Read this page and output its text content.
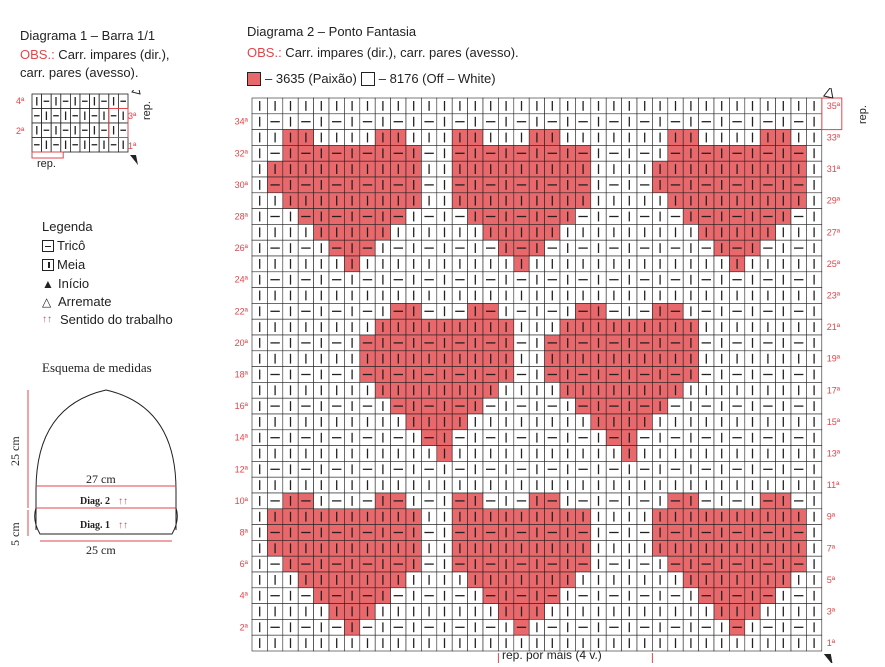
Diagrama 1 – Barra 1/1
OBS.: Carr. impares (dir.),
carr. pares (avesso).
4ª
2ª
3ª
1ª
rep.
rep.
Legenda
Tricô
Meia
▲ Início
△ Arremate
↑↑ Sentido do trabalho
Esquema de medidas
25 cm
5 cm
27 cm
Diag. 2 ↑↑
Diag. 1 ↑↑
25 cm
Diagrama 2 – Ponto Fantasia
OBS.: Carr. impares (dir.), carr. pares (avesso).
– 3635 (Paixão) – 8176 (Off – White)
34ª
32ª
30ª
28ª
26ª
24ª
22ª
20ª
18ª
16ª
14ª
12ª
10ª
8ª
6ª
4ª
2ª
35ª
33ª
31ª
29ª
27ª
25ª
23ª
21ª
19ª
17ª
15ª
13ª
11ª
9ª
7ª
5ª
3ª
1ª
rep. por mais (4 v.)
rep.
